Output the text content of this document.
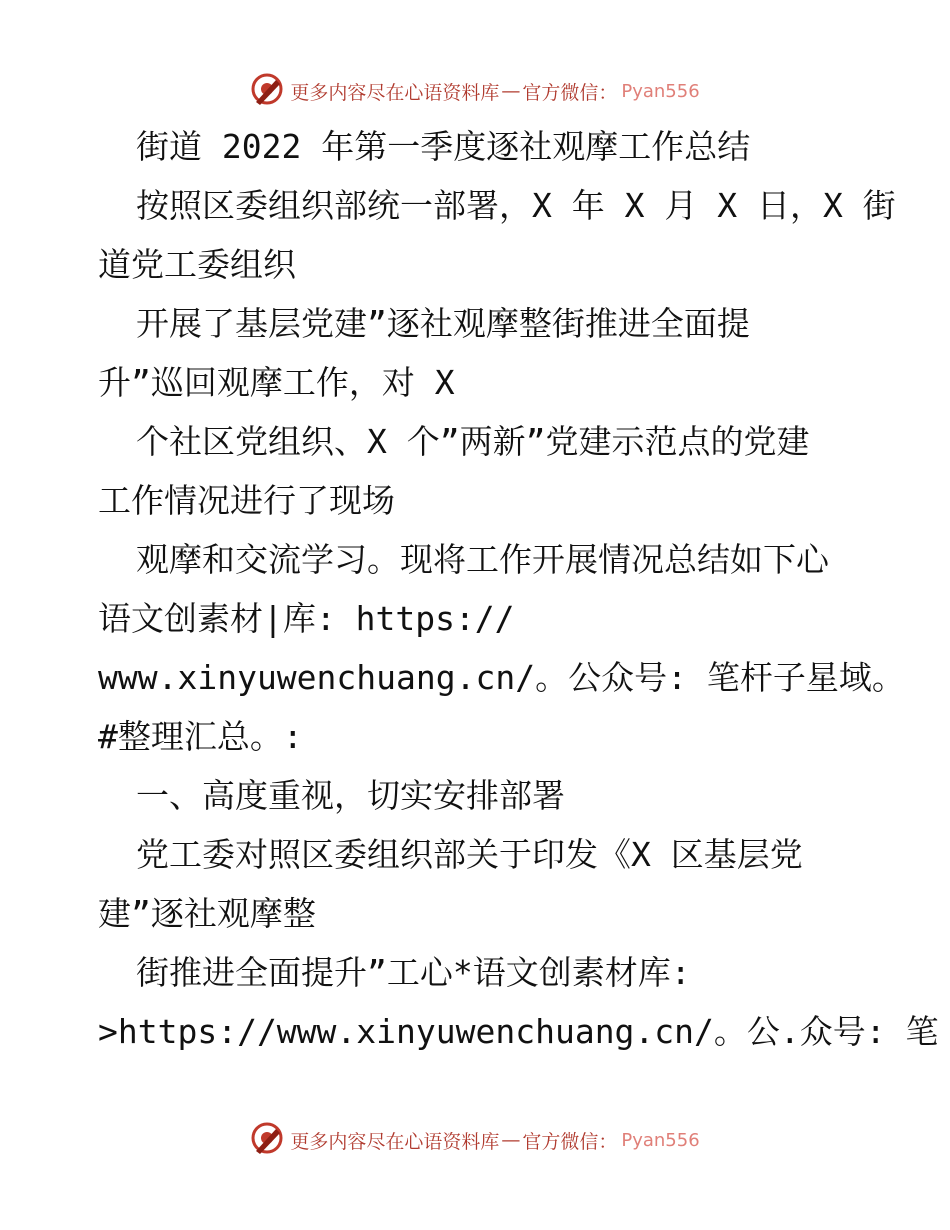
更多内容尽在心语资料库 — 官方微信： Pyan556
街道 2022 年第一季度逐社观摩工作总结
按照区委组织部统一部署，X 年 X 月 X 日，X 街
道党工委组织
开展了基层党建”逐社观摩整街推进全面提
升”巡回观摩工作，对 X
个社区党组织、X 个”两新”党建示范点的党建
工作情况进行了现场
观摩和交流学习。现将工作开展情况总结如下心
语文创素材|库: https://
www.xinyuwenchuang.cn/。公众号: 笔杆子星域。
#整理汇总。:
一、高度重视，切实安排部署
党工委对照区委组织部关于印发《X 区基层党
建”逐社观摩整
街推进全面提升”工心*语文创素材库:
>https://www.xinyuwenchuang.cn/。公.众号: 笔
更多内容尽在心语资料库 — 官方微信： Pyan556
